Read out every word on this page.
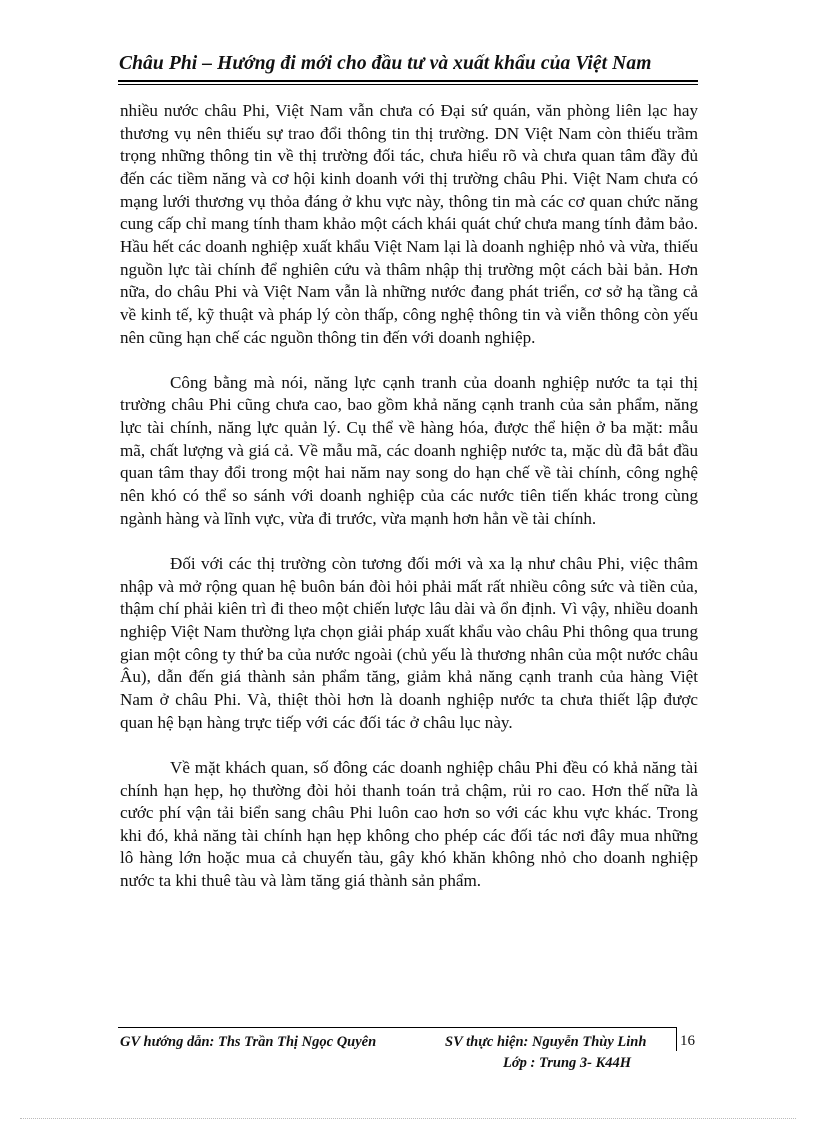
Châu Phi – Hướng đi mới cho đầu tư và xuất khẩu của Việt Nam

nhiều nước châu Phi, Việt Nam vẫn chưa có Đại sứ quán, văn phòng liên lạc hay thương vụ nên thiếu sự trao đổi thông tin thị trường. DN Việt Nam còn thiếu trầm trọng những thông tin về thị trường đối tác, chưa hiểu rõ và chưa quan tâm đầy đủ đến các tiềm năng và cơ hội kinh doanh với thị trường châu Phi. Việt Nam chưa có mạng lưới thương vụ thỏa đáng ở khu vực này, thông tin mà các cơ quan chức năng cung cấp chỉ mang tính tham khảo một cách khái quát chứ chưa mang tính đảm bảo. Hầu hết các doanh nghiệp xuất khẩu Việt Nam lại là doanh nghiệp nhỏ và vừa, thiếu nguồn lực tài chính để nghiên cứu và thâm nhập thị trường một cách bài bản. Hơn nữa, do châu Phi và Việt Nam vẫn là những nước đang phát triển, cơ sở hạ tầng cả về kinh tế, kỹ thuật và pháp lý còn thấp, công nghệ thông tin và viễn thông còn yếu nên cũng hạn chế các nguồn thông tin đến với doanh nghiệp.

Công bằng mà nói, năng lực cạnh tranh của doanh nghiệp nước ta tại thị trường châu Phi cũng chưa cao, bao gồm khả năng cạnh tranh của sản phẩm, năng lực tài chính, năng lực quản lý. Cụ thể về hàng hóa, được thể hiện ở ba mặt: mẫu mã, chất lượng và giá cả. Về mẫu mã, các doanh nghiệp nước ta, mặc dù đã bắt đầu quan tâm thay đổi trong một hai năm nay song do hạn chế về tài chính, công nghệ nên khó có thể so sánh với doanh nghiệp của các nước tiên tiến khác trong cùng ngành hàng và lĩnh vực, vừa đi trước, vừa mạnh hơn hẳn về tài chính.

Đối với các thị trường còn tương đối mới và xa lạ như châu Phi, việc thâm nhập và mở rộng quan hệ buôn bán đòi hỏi phải mất rất nhiều công sức và tiền của, thậm chí phải kiên trì đi theo một chiến lược lâu dài và ổn định. Vì vậy, nhiều doanh nghiệp Việt Nam thường lựa chọn giải pháp xuất khẩu vào châu Phi thông qua trung gian một công ty thứ ba của nước ngoài (chủ yếu là thương nhân của một nước châu Âu), dẫn đến giá thành sản phẩm tăng, giảm khả năng cạnh tranh của hàng Việt Nam ở châu Phi. Và, thiệt thòi hơn là doanh nghiệp nước ta chưa thiết lập được quan hệ bạn hàng trực tiếp với các đối tác ở châu lục này.

Về mặt khách quan, số đông các doanh nghiệp châu Phi đều có khả năng tài chính hạn hẹp, họ thường đòi hỏi thanh toán trả chậm, rủi ro cao. Hơn thế nữa là cước phí vận tải biển sang châu Phi luôn cao hơn so với các khu vực khác. Trong khi đó, khả năng tài chính hạn hẹp không cho phép các đối tác nơi đây mua những lô hàng lớn hoặc mua cả chuyến tàu, gây khó khăn không nhỏ cho doanh nghiệp nước ta khi thuê tàu và làm tăng giá thành sản phẩm.

GV hướng dẫn: Ths Trần Thị Ngọc Quyên	SV thực hiện: Nguyễn Thùy Linh
Lớp : Trung 3- K44H
16
